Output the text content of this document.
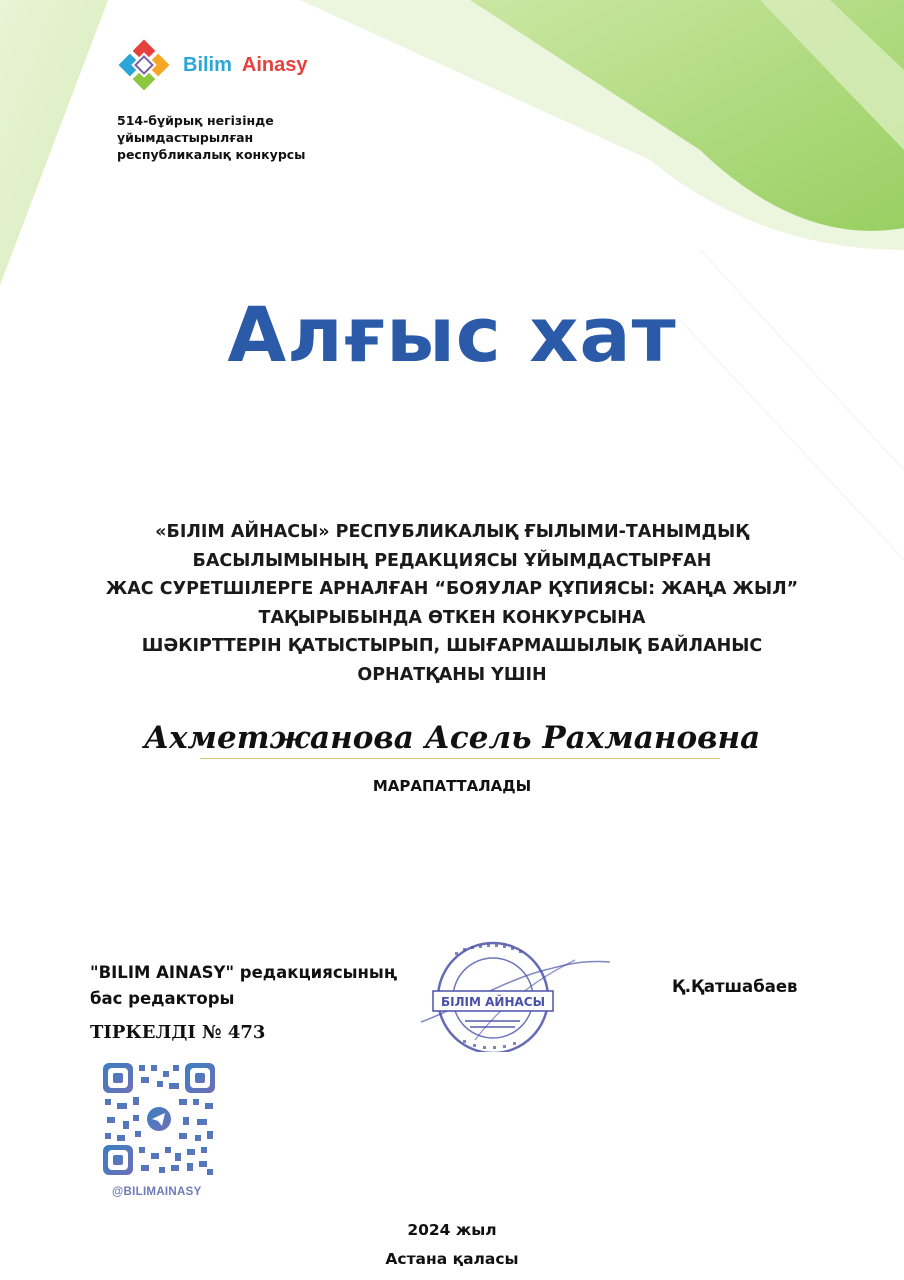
Bilim Ainasy
514-бұйрық негізінде
ұйымдастырылған
республикалық конкурсы
Алғыс хат
«БІЛІМ АЙНАСЫ» РЕСПУБЛИКАЛЫҚ ҒЫЛЫМИ-ТАНЫМДЫҚ
БАСЫЛЫМЫНЫҢ РЕДАКЦИЯСЫ ҰЙЫМДАСТЫРҒАН
ЖАС СУРЕТШІЛЕРГЕ АРНАЛҒАН “БОЯУЛАР ҚҰПИЯСЫ: ЖАҢА ЖЫЛ”
ТАҚЫРЫБЫНДА ӨТКЕН КОНКУРСЫНА
ШӘКІРТТЕРІН ҚАТЫСТЫРЫП, ШЫҒАРМАШЫЛЫҚ БАЙЛАНЫС
ОРНАТҚАНЫ ҮШІН
Ахметжанова Асель Рахмановна
МАРАПАТТАЛАДЫ
"BILIM AINASY" редакциясының
бас редакторы
ТІРКЕЛДІ № 473
БІЛІМ АЙНАСЫ
Қ.Қатшабаев
@BILIMAINASY
2024 жыл
Астана қаласы
